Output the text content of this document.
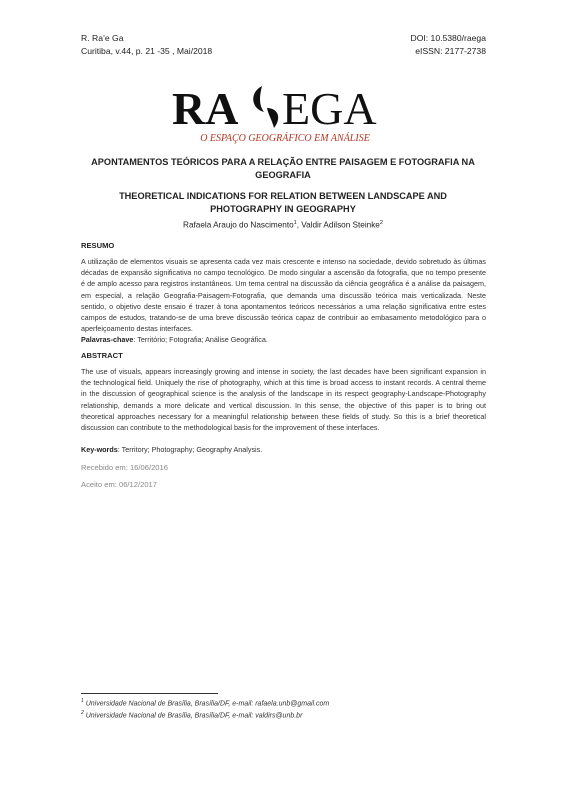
R. Ra’e Ga
Curitiba, v.44, p. 21 -35 , Mai/2018
DOI: 10.5380/raega
eISSN: 2177-2738
RA EGA
O ESPAÇO GEOGRÁFICO EM ANÁLISE
APONTAMENTOS TEÓRICOS PARA A RELAÇÃO ENTRE PAISAGEM E FOTOGRAFIA NA GEOGRAFIA
THEORETICAL INDICATIONS FOR RELATION BETWEEN LANDSCAPE AND PHOTOGRAPHY IN GEOGRAPHY
Rafaela Araujo do Nascimento$^1$, Valdir Adilson Steinke$^2$
RESUMO

A utilização de elementos visuais se apresenta cada vez mais crescente e intenso na sociedade, devido sobretudo às últimas décadas de expansão significativa no campo tecnológico. De modo singular a ascensão da fotografia, que no tempo presente é de amplo acesso para registros instantâneos. Um tema central na discussão da ciência geográfica é a análise da paisagem, em especial, a relação Geografia-Paisagem-Fotografia, que demanda uma discussão teórica mais verticalizada. Neste sentido, o objetivo deste ensaio é trazer à tona apontamentos teóricos necessários a uma relação significativa entre estes campos de estudos, tratando-se de uma breve discussão teórica capaz de contribuir ao embasamento metodológico para o aperfeiçoamento destas interfaces.

Palavras-chave: Território; Fotografia; Análise Geográfica.
ABSTRACT

The use of visuals, appears increasingly growing and intense in society, the last decades have been significant expansion in the technological field. Uniquely the rise of photography, which at this time is broad access to instant records. A central theme in the discussion of geographical science is the analysis of the landscape in its respect geography-Landscape-Photography relationship, demands a more delicate and vertical discussion. In this sense, the objective of this paper is to bring out theoretical approaches necessary for a meaningful relationship between these fields of study. So this is a brief theoretical discussion can contribute to the methodological basis for the improvement of these interfaces.

Key-words: Territory; Photography; Geography Analysis.
Recebido em: 16/06/2016
Aceito em: 06/12/2017
$^1$ Universidade Nacional de Brasília, Brasília/DF, e-mail: rafaela.unb@gmail.com
$^2$ Universidade Nacional de Brasília, Brasília/DF, e-mail: valdirs@unb.br
